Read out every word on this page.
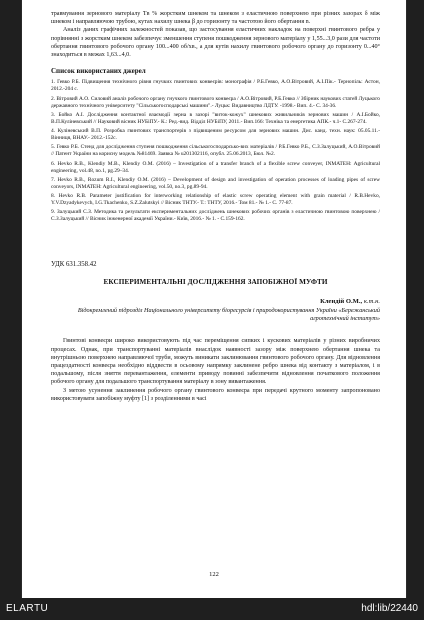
травмування зернового матеріалу Tв % жорстким шнеком та шнеком з еластичною поверхнею при різних зазорах δ між шнеком і направляючою трубою, кутах нахилу шнека β до горизонту та частотою його обертання n.

Аналіз даних графічних залежностей показав, що застосування еластичних накладок на поверхні гвинтового ребра у порівнянні з жорстким шнеком забезпечує зменшення ступеня пошкодження зернового матеріалу у 1,55...3,0 рази для частоти обертання гвинтового робочого органу 100...400 об/хв., а для кутів нахилу гвинтового робочого органу до горизонту 0...40° знаходиться в межах 1,63...4,0.

Список використаних джерел

1. Гевко Р.Б. Підвищення технічного рівня гнучких гвинтових конвеєрів: монографія / Р.Б.Гевко, А.О.Вітровий, А.І.Пік.- Тернопіль: Астон, 2012.-204 с.

2. Вітровий А.О. Силовий аналіз робочого органу гнучкого гвинтового конвеєра / А.О.Вітровий, Р.Б.Гевко // Збірник наукових статей Луцького державного технічного університету "Сільськогосподарські машини".- Луцьк: Видавництво ЛДТУ. -1998.- Вип. 4.- С. 34-36.

3. Бойко А.І. Дослідження контактної взаємодії зерна в зазорі "виток-кожух" шнекових живильників зернових машин / А.І.Бойко, В.П.Куліневський // Науковий вісник НУБіПУ.- К.: Ред.-вид. Відділ НУБіПУ, 2011.- Вип.166: Техніка та енергетика АПК.- ч.1- С.267-274.

4. Куліневський В.П. Розробка гвинтових транспортерів з підвищеним ресурсом для зернових машин. Дис. канд. техн. наук: 05.05.11.- Вінниця, ВНАУ.- 2012.-152с.

5. Гевко Р.Б. Стенд для дослідження ступеня пошкодження сільськогосподарсько-вих матеріалів / Р.Б.Гевко Р.Б., С.З.Залуцький, А.О.Вітровий // Патент України на корисну модель №81469. Заявка № u201302116, опубл. 25.06.2013, Бюл. №2.

6. Hevko R.B., Klendiy M.B., Klendiy O.M. (2016) – Investigation of a transfer branch of a flexible screw conveyer, INMATEH: Agricultural engineering, vol.48, no.1, pg.29–34.

7. Hevko R.B., Rozum R.I., Klendiy O.M. (2016) – Development of design and investigation of operation processes of loading pipes of screw conveyors, INMATEH: Agricultural engineering, vol.50, no.3, pg.89-94.

8. Hevko R.B. Parameter justification for interworking relationship of elastic screw operating element with grain material / R.B.Hevko, Y.V.Dzyadykevych, I.G.Tkachenko, S.Z.Zalutskyi // Вісник ТНТУ.- Т.: ТНТУ, 2016.- Том 81.- № 1.- С. 77-87.

9. Залуцький С.З. Методика та результати експериментальних досліджень шнекових робочих органів з еластичною гвинтовою поверхнею / С.З.Залуцький // Вісник інженерної академії України.- Київ, 2016.- № 1. - С.159-162.

УДК 631.358.42
ЕКСПЕРИМЕНТАЛЬНІ ДОСЛІДЖЕННЯ ЗАПОБІЖНОЇ МУФТИ
Клендій О.М., к.т.н.
Відокремлений підрозділ Національного університету біоресурсів і природокористування України «Бережанський агротехнічний інститут»

Гвинтові конвеєри широко використовують під час переміщення сипких і кускових матеріалів у різних виробничих процесах. Однак, при транспортуванні матеріалів внаслідок наявності зазору між поверхнею обертання шнека та внутрішньою поверхнею направляючої труби, можуть виникати заклинювання гвинтового робочого органу. Для відновлення працездатності конвеєра необхідно віддвести в осьовому напрямку заклинене ребро шнека від контакту з матеріалом, і в подальшому, після зняття перевантаження, елементи приводу повинні забезпечити відновлення початкового положення робочого органу для подальшого транспортування матеріалу в зону вивантаження.

З метою усунення заклинення робочого органу гвинтового конвеєра при передачі крутного моменту запропоновано використовувати запобіжну муфту [1] з розділенними в часі

122
ELARTU	hdl:lib/22440
